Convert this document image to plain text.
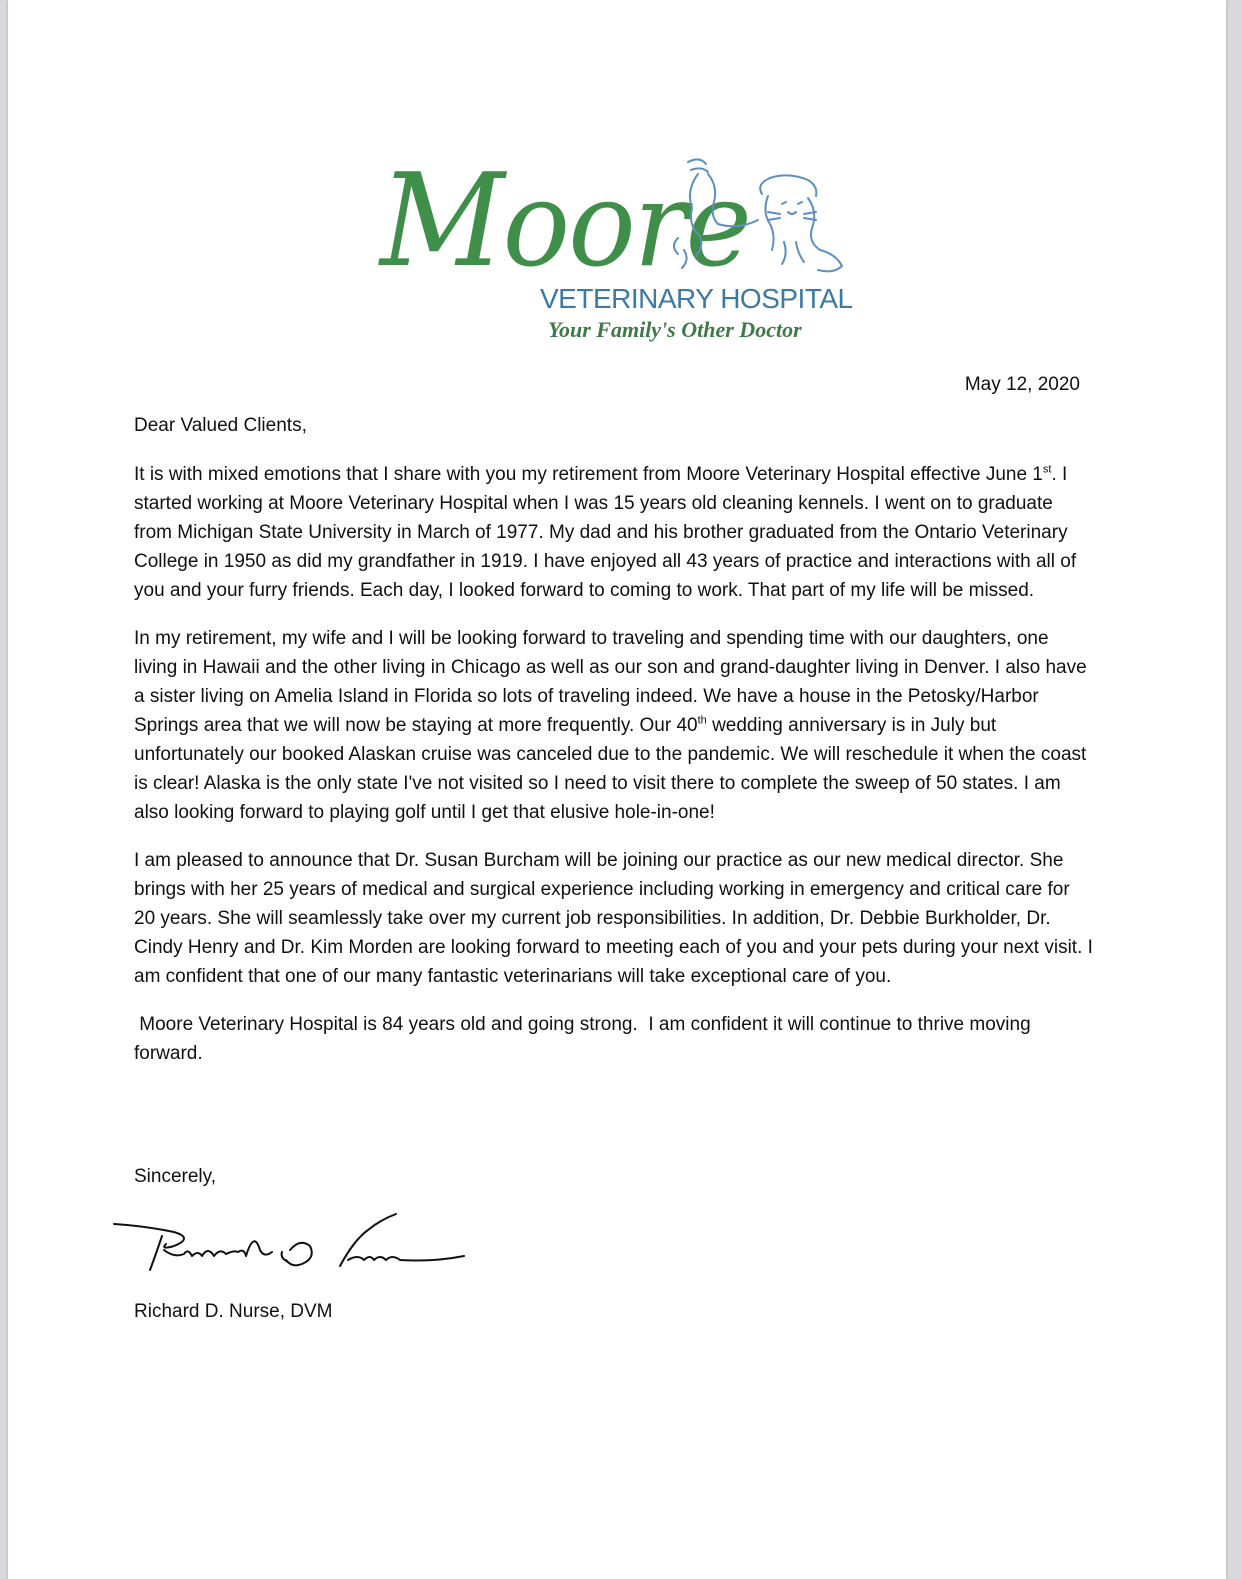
Moore
VETERINARY HOSPITAL
Your Family's Other Doctor

May 12, 2020

Dear Valued Clients,

It is with mixed emotions that I share with you my retirement from Moore Veterinary Hospital effective June 1st. I started working at Moore Veterinary Hospital when I was 15 years old cleaning kennels. I went on to graduate from Michigan State University in March of 1977. My dad and his brother graduated from the Ontario Veterinary College in 1950 as did my grandfather in 1919. I have enjoyed all 43 years of practice and interactions with all of you and your furry friends. Each day, I looked forward to coming to work. That part of my life will be missed.

In my retirement, my wife and I will be looking forward to traveling and spending time with our daughters, one living in Hawaii and the other living in Chicago as well as our son and grand-daughter living in Denver. I also have a sister living on Amelia Island in Florida so lots of traveling indeed. We have a house in the Petosky/Harbor Springs area that we will now be staying at more frequently. Our 40th wedding anniversary is in July but unfortunately our booked Alaskan cruise was canceled due to the pandemic. We will reschedule it when the coast is clear! Alaska is the only state I've not visited so I need to visit there to complete the sweep of 50 states. I am also looking forward to playing golf until I get that elusive hole-in-one!

I am pleased to announce that Dr. Susan Burcham will be joining our practice as our new medical director. She brings with her 25 years of medical and surgical experience including working in emergency and critical care for 20 years. She will seamlessly take over my current job responsibilities. In addition, Dr. Debbie Burkholder, Dr. Cindy Henry and Dr. Kim Morden are looking forward to meeting each of you and your pets during your next visit. I am confident that one of our many fantastic veterinarians will take exceptional care of you.

Moore Veterinary Hospital is 84 years old and going strong.  I am confident it will continue to thrive moving forward.

Sincerely,

Richard D. Nurse, DVM
